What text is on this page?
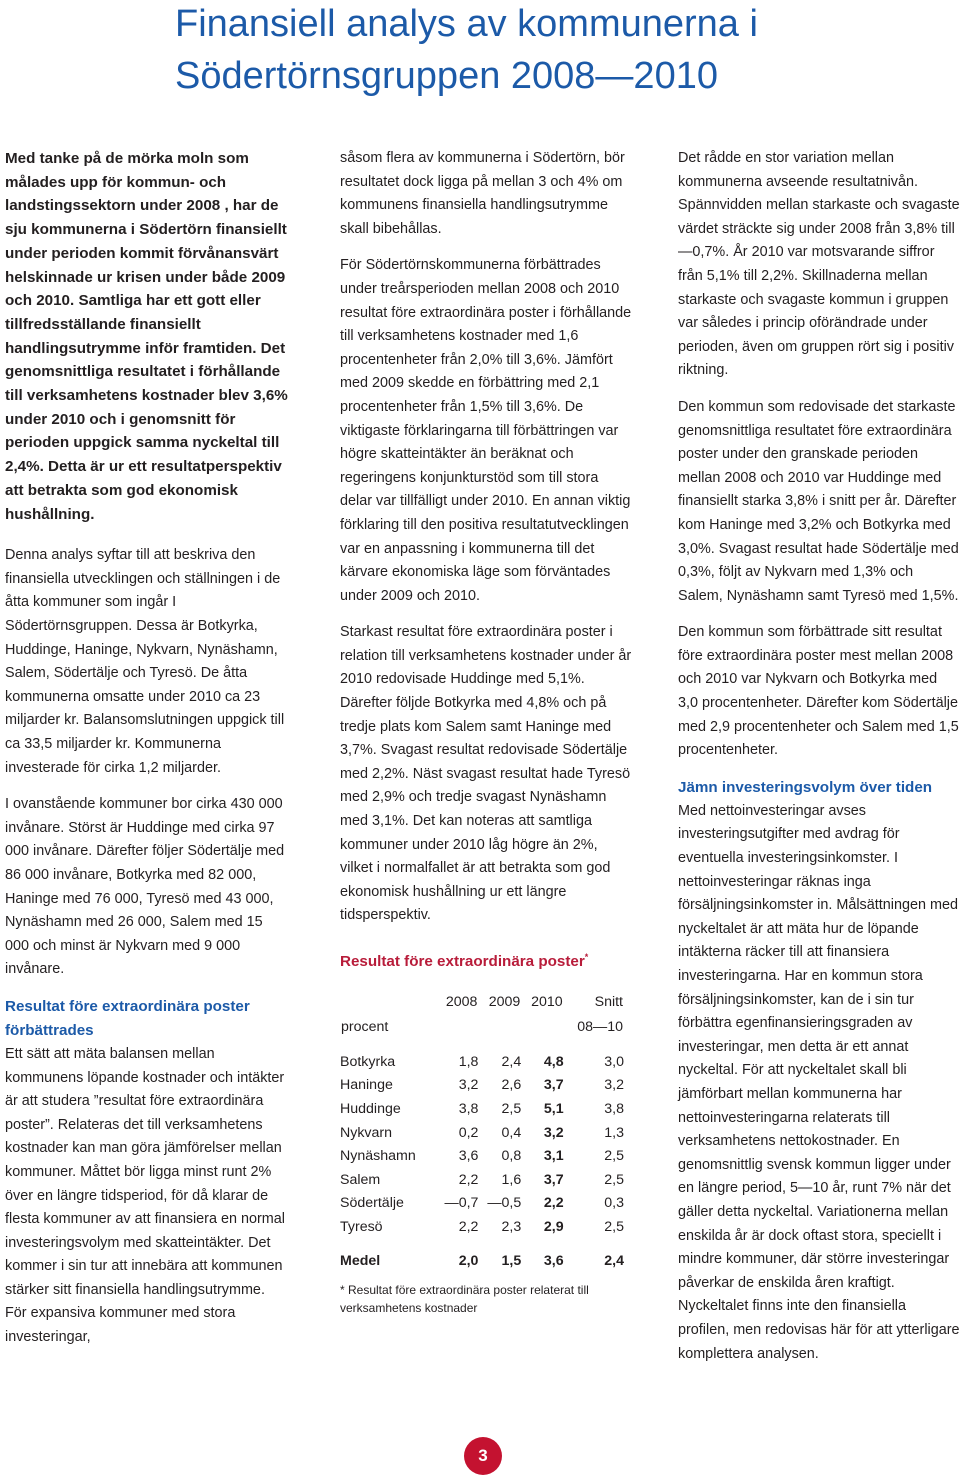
Finansiell analys av kommunerna i
Södertörnsgruppen 2008—2010

Med tanke på de mörka moln som målades upp för kommun- och landstingssektorn under 2008 , har de sju kommunerna i Södertörn finansiellt under perioden kommit förvånansvärt helskinnade ur krisen under både 2009 och 2010. Samtliga har ett gott eller tillfredsställande finansiellt handlingsutrymme inför framtiden. Det genomsnittliga resultatet i förhållande till verksamhetens kostnader blev 3,6% under 2010 och i genomsnitt för perioden uppgick samma nyckeltal till 2,4%. Detta är ur ett resultatperspektiv att betrakta som god ekonomisk hushållning.

Denna analys syftar till att beskriva den finansiella utvecklingen och ställningen i de åtta kommuner som ingår I Södertörnsgruppen. Dessa är Botkyrka, Huddinge, Haninge, Nykvarn, Nynäshamn, Salem, Södertälje och Tyresö. De åtta kommunerna omsatte under 2010 ca 23 miljarder kr. Balansomslutningen uppgick till ca 33,5 miljarder kr. Kommunerna investerade för cirka 1,2 miljarder.

I ovanstående kommuner bor cirka 430 000 invånare. Störst är Huddinge med cirka 97 000 invånare. Därefter följer Södertälje med 86 000 invånare, Botkyrka med 82 000, Haninge med 76 000, Tyresö med 43 000, Nynäshamn med 26 000, Salem med 15 000 och minst är Nykvarn med 9 000 invånare.

Resultat före extraordinära poster förbättrades

Ett sätt att mäta balansen mellan kommunens löpande kostnader och intäkter är att studera ”resultat före extraordinära poster”. Relateras det till verksamhetens kostnader kan man göra jämförelser mellan kommuner. Måttet bör ligga minst runt 2% över en längre tidsperiod, för då klarar de flesta kommuner av att finansiera en normal investeringsvolym med skatteintäkter. Det kommer i sin tur att innebära att kommunen stärker sitt finansiella handlingsutrymme. För expansiva kommuner med stora investeringar,

såsom flera av kommunerna i Södertörn, bör resultatet dock ligga på mellan 3 och 4% om kommunens finansiella handlingsutrymme skall bibehållas.

För Södertörnskommunerna förbättrades under treårsperioden mellan 2008 och 2010 resultat före extraordinära poster i förhållande till verksamhetens kostnader med 1,6 procentenheter från 2,0% till 3,6%. Jämfört med 2009 skedde en förbättring med 2,1 procentenheter från 1,5% till 3,6%. De viktigaste förklaringarna till förbättringen var högre skatteintäkter än beräknat och regeringens konjunkturstöd som till stora delar var tillfälligt under 2010. En annan viktig förklaring till den positiva resultatutvecklingen var en anpassning i kommunerna till det kärvare ekonomiska läge som förväntades under 2009 och 2010.

Starkast resultat före extraordinära poster i relation till verksamhetens kostnader under år 2010 redovisade Huddinge med 5,1%. Därefter följde Botkyrka med 4,8% och på tredje plats kom Salem samt Haninge med 3,7%. Svagast resultat redovisade Södertälje med 2,2%. Näst svagast resultat hade Tyresö med 2,9% och tredje svagast Nynäshamn med 3,1%. Det kan noteras att samtliga kommuner under 2010 låg högre än 2%, vilket i normalfallet är att betrakta som god ekonomisk hushållning ur ett längre tidsperspektiv.

Resultat före extraordinära poster*
	2008	2009	2010	Snitt
procent				08—10

Botkyrka	1,8	2,4	4,8	3,0
Haninge	3,2	2,6	3,7	3,2
Huddinge	3,8	2,5	5,1	3,8
Nykvarn	0,2	0,4	3,2	1,3
Nynäshamn	3,6	0,8	3,1	2,5
Salem	2,2	1,6	3,7	2,5
Södertälje	—0,7	—0,5	2,2	0,3
Tyresö	2,2	2,3	2,9	2,5

Medel	2,0	1,5	3,6	2,4
* Resultat före extraordinära poster relaterat till verksamhetens kostnader

Det rådde en stor variation mellan kommunerna avseende resultatnivån. Spännvidden mellan starkaste och svagaste värdet sträckte sig under 2008 från 3,8% till —0,7%. År 2010 var motsvarande siffror från 5,1% till 2,2%. Skillnaderna mellan starkaste och svagaste kommun i gruppen var således i princip oförändrade under perioden, även om gruppen rört sig i positiv riktning.

Den kommun som redovisade det starkaste genomsnittliga resultatet före extraordinära poster under den granskade perioden mellan 2008 och 2010 var Huddinge med finansiellt starka 3,8% i snitt per år. Därefter kom Haninge med 3,2% och Botkyrka med 3,0%. Svagast resultat hade Södertälje med 0,3%, följt av Nykvarn med 1,3% och Salem, Nynäshamn samt Tyresö med 1,5%.

Den kommun som förbättrade sitt resultat före extraordinära poster mest mellan 2008 och 2010 var Nykvarn och Botkyrka med 3,0 procentenheter. Därefter kom Södertälje med 2,9 procentenheter och Salem med 1,5 procentenheter.

Jämn investeringsvolym över tiden

Med nettoinvesteringar avses investeringsutgifter med avdrag för eventuella investeringsinkomster. I nettoinvesteringar räknas inga försäljningsinkomster in. Målsättningen med nyckeltalet är att mäta hur de löpande intäkterna räcker till att finansiera investeringarna. Har en kommun stora försäljningsinkomster, kan de i sin tur förbättra egenfinansieringsgraden av investeringar, men detta är ett annat nyckeltal. För att nyckeltalet skall bli jämförbart mellan kommunerna har nettoinvesteringarna relaterats till verksamhetens nettokostnader. En genomsnittlig svensk kommun ligger under en längre period, 5—10 år, runt 7% när det gäller detta nyckeltal. Variationerna mellan enskilda år är dock oftast stora, speciellt i mindre kommuner, där större investeringar påverkar de enskilda åren kraftigt. Nyckeltalet finns inte den finansiella profilen, men redovisas här för att ytterligare komplettera analysen.

3
